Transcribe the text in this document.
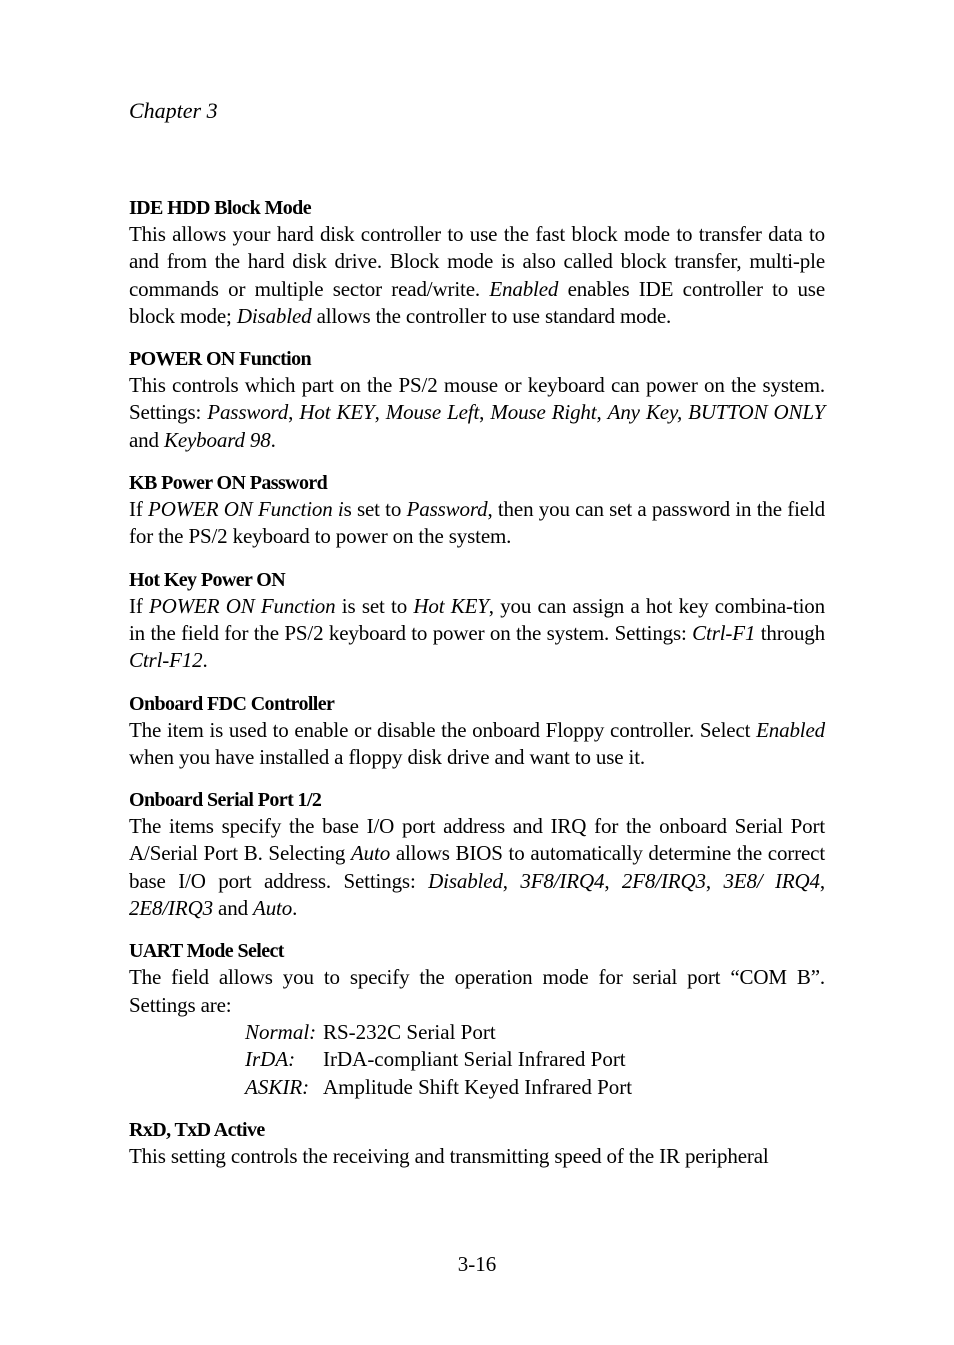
Chapter 3
IDE HDD Block Mode

This allows your hard disk controller to use the fast block mode to transfer data to and from the hard disk drive. Block mode is also called block transfer, multi-ple commands or multiple sector read/write. Enabled enables IDE controller to use block mode; Disabled allows the controller to use standard mode.

POWER ON Function

This controls which part on the PS/2 mouse or keyboard can power on the system. Settings: Password, Hot KEY, Mouse Left, Mouse Right, Any Key, BUTTON ONLY and Keyboard 98.

KB Power ON Password

If POWER ON Function is set to Password, then you can set a password in the field for the PS/2 keyboard to power on the system.

Hot Key Power ON

If POWER ON Function is set to Hot KEY, you can assign a hot key combina-tion in the field for the PS/2 keyboard to power on the system. Settings: Ctrl-F1 through Ctrl-F12.

Onboard FDC Controller

The item is used to enable or disable the onboard Floppy controller. Select Enabled when you have installed a floppy disk drive and want to use it.

Onboard Serial Port 1/2

The items specify the base I/O port address and IRQ for the onboard Serial Port A/Serial Port B. Selecting Auto allows BIOS to automatically determine the correct base I/O port address. Settings: Disabled, 3F8/IRQ4, 2F8/IRQ3, 3E8/ IRQ4, 2E8/IRQ3 and Auto.

UART Mode Select

The field allows you to specify the operation mode for serial port “COM B”. Settings are:

Normal: RS-232C Serial Port
IrDA:	IrDA-compliant Serial Infrared Port
ASKIR: Amplitude Shift Keyed Infrared Port
RxD, TxD Active

This setting controls the receiving and transmitting speed of the IR peripheral

3-16
